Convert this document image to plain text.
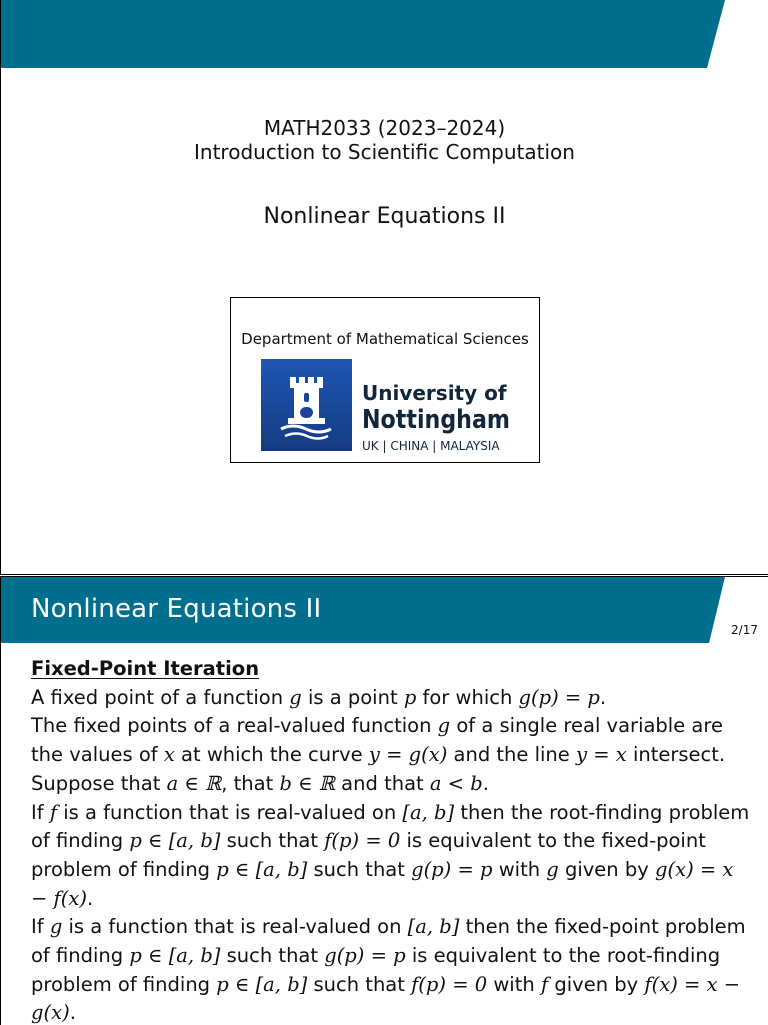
MATH2033 (2023–2024)
Introduction to Scientific Computation
Nonlinear Equations II
Department of Mathematical Sciences
University of
Nottingham
UK | CHINA | MALAYSIA
Nonlinear Equations II
2/17

Fixed-Point Iteration

A fixed point of a function g is a point p for which g(p) = p.

The fixed points of a real-valued function g of a single real variable are the values of x at which the curve y = g(x) and the line y = x intersect.

Suppose that a ∈ ℝ, that b ∈ ℝ and that a < b.

If f is a function that is real-valued on [a, b] then the root-finding problem of finding p ∈ [a, b] such that f(p) = 0 is equivalent to the fixed-point problem of finding p ∈ [a, b] such that g(p) = p with g given by g(x) = x − f(x).

If g is a function that is real-valued on [a, b] then the fixed-point problem of finding p ∈ [a, b] such that g(p) = p is equivalent to the root-finding problem of finding p ∈ [a, b] such that f(p) = 0 with f given by f(x) = x − g(x).
